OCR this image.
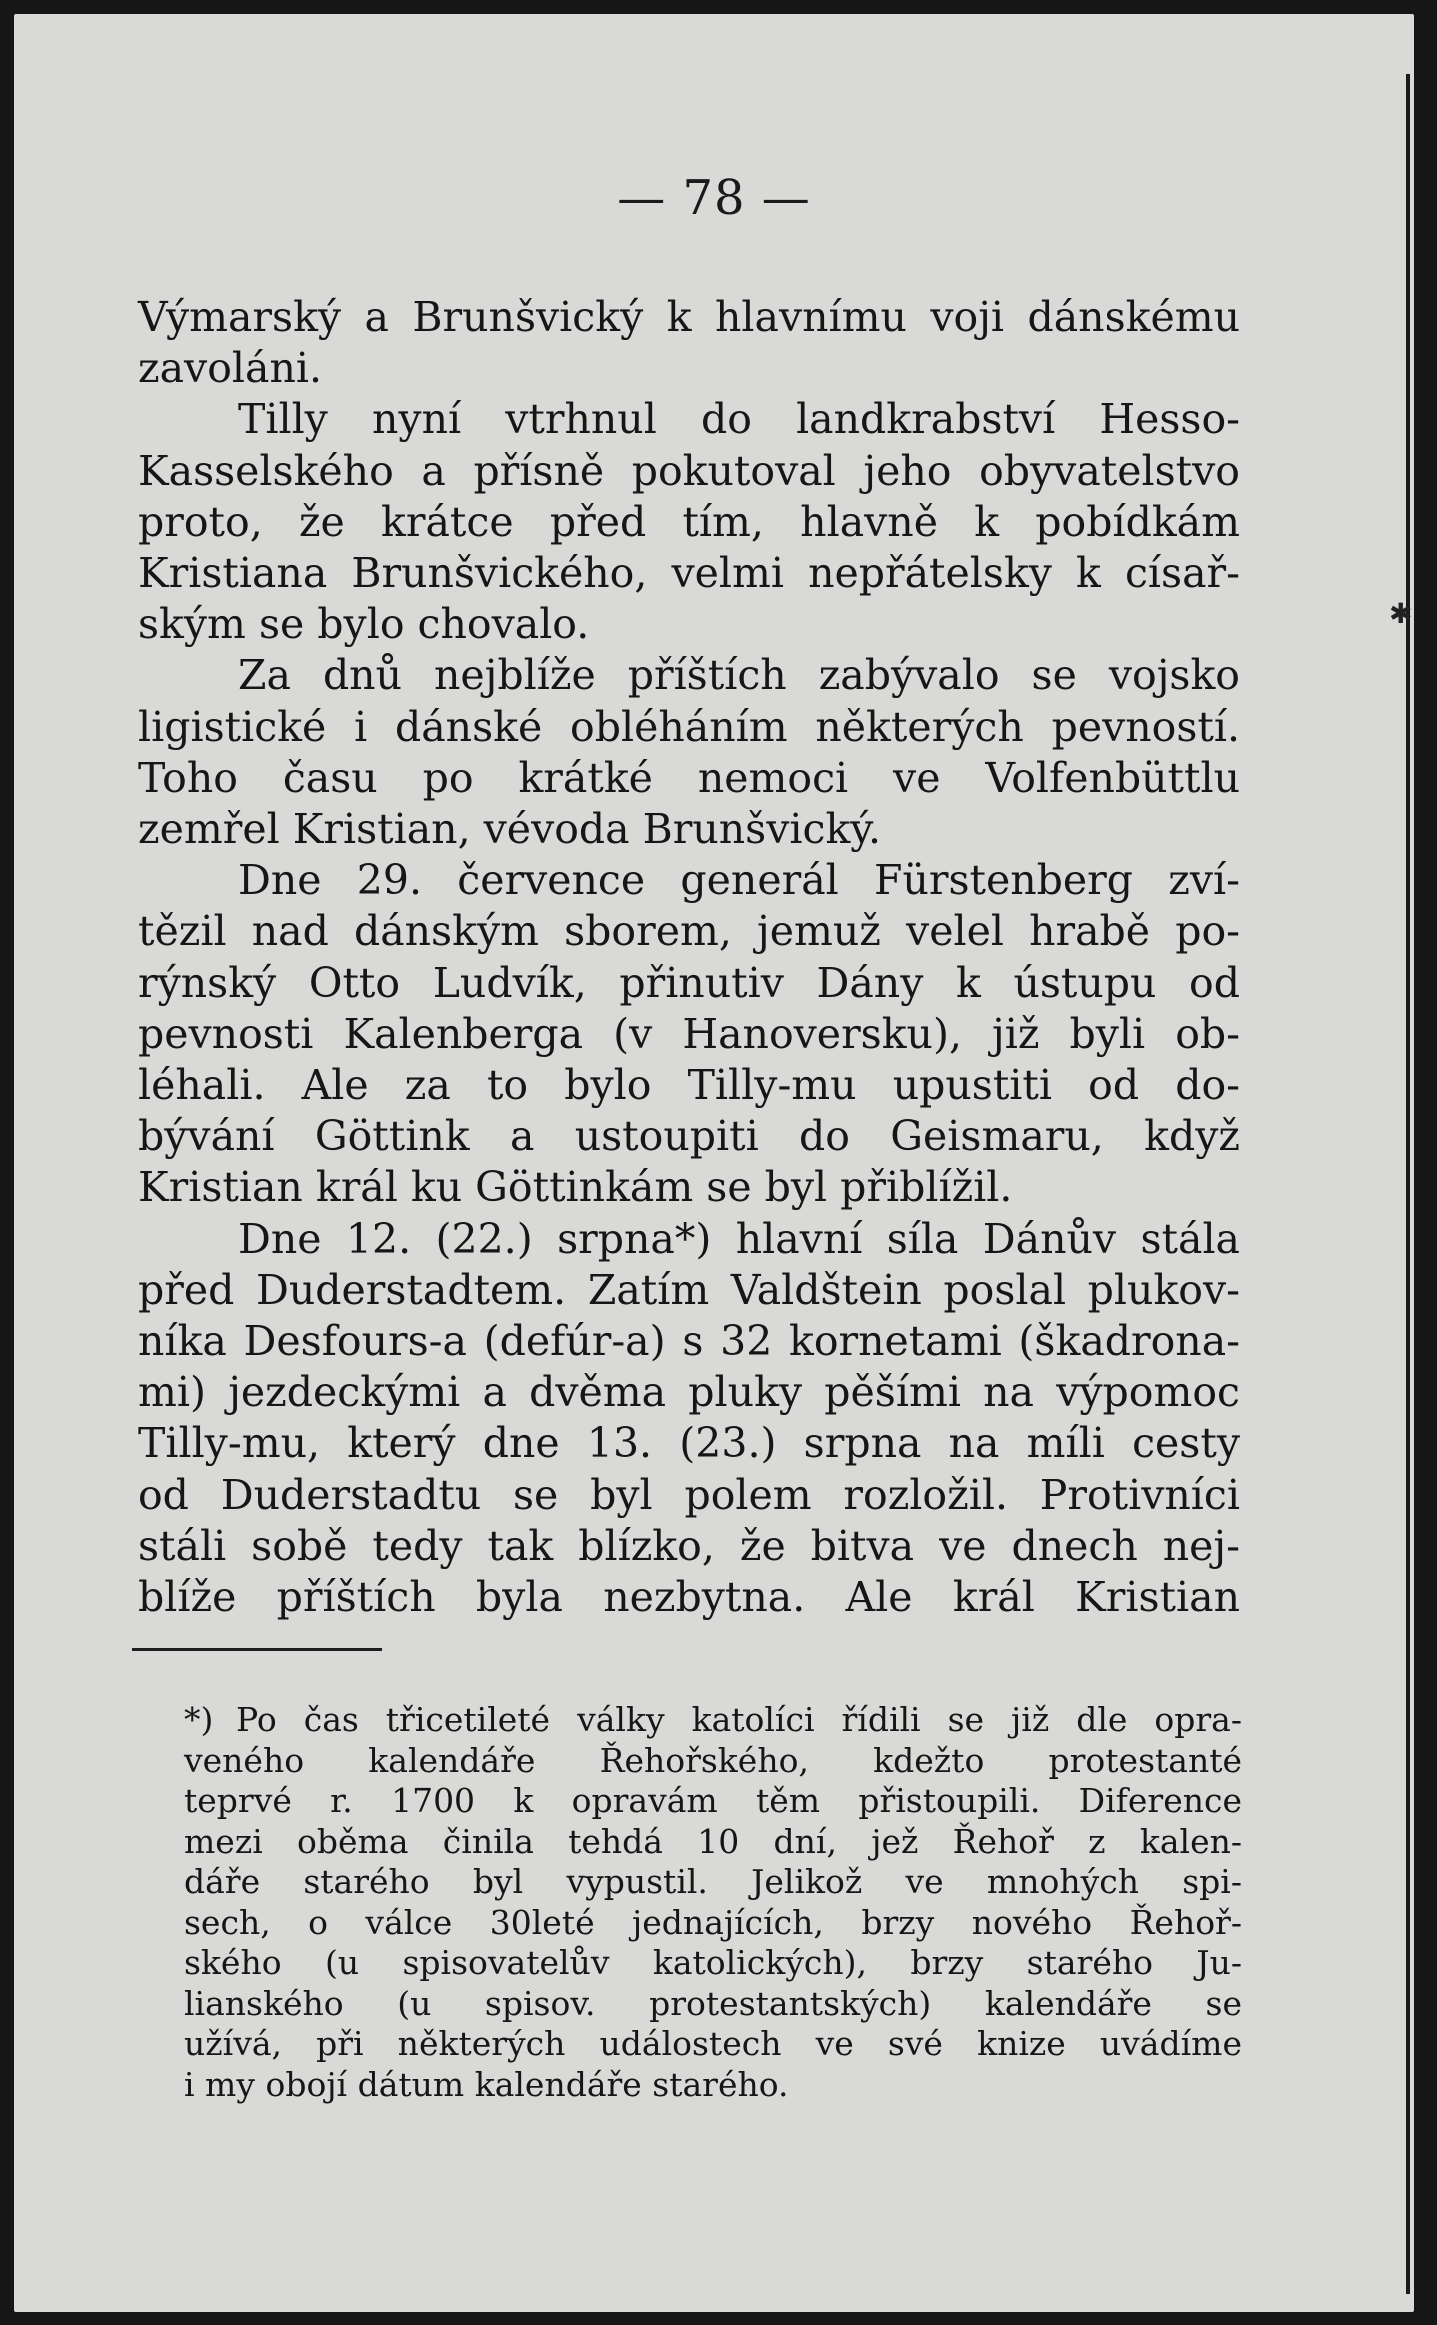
✱
— 78 —
Výmarský a Brunšvický k hlavnímu voji dánskému
zavoláni.
Tilly nyní vtrhnul do landkrabství Hesso-
Kasselského a přísně pokutoval jeho obyvatelstvo
proto, že krátce před tím, hlavně k pobídkám
Kristiana Brunšvického, velmi nepřátelsky k císař-
ským se bylo chovalo.
Za dnů nejblíže příštích zabývalo se vojsko
ligistické i dánské obléháním některých pevností.
Toho času po krátké nemoci ve Volfenbüttlu
zemřel Kristian, vévoda Brunšvický.
Dne 29. července generál Fürstenberg zví-
tězil nad dánským sborem, jemuž velel hrabě po-
rýnský Otto Ludvík, přinutiv Dány k ústupu od
pevnosti Kalenberga (v Hanoversku), již byli ob-
léhali. Ale za to bylo Tilly-mu upustiti od do-
bývání Göttink a ustoupiti do Geismaru, když
Kristian král ku Göttinkám se byl přiblížil.
Dne 12. (22.) srpna*) hlavní síla Dánův stála
před Duderstadtem. Zatím Valdštein poslal plukov-
níka Desfours-a (defúr-a) s 32 kornetami (škadrona-
mi) jezdeckými a dvěma pluky pěšími na výpomoc
Tilly-mu, který dne 13. (23.) srpna na míli cesty
od Duderstadtu se byl polem rozložil. Protivníci
stáli sobě tedy tak blízko, že bitva ve dnech nej-
blíže příštích byla nezbytna. Ale král Kristian
*) Po čas třicetileté války katolíci řídili se již dle opra-
veného kalendáře Řehořského, kdežto protestanté
teprvé r. 1700 k opravám těm přistoupili. Diference
mezi oběma činila tehdá 10 dní, jež Řehoř z kalen-
dáře starého byl vypustil. Jelikož ve mnohých spi-
sech, o válce 30leté jednajících, brzy nového Řehoř-
ského (u spisovatelův katolických), brzy starého Ju-
lianského (u spisov. protestantských) kalendáře se
užívá, při některých událostech ve své knize uvádíme
i my obojí dátum kalendáře starého.
